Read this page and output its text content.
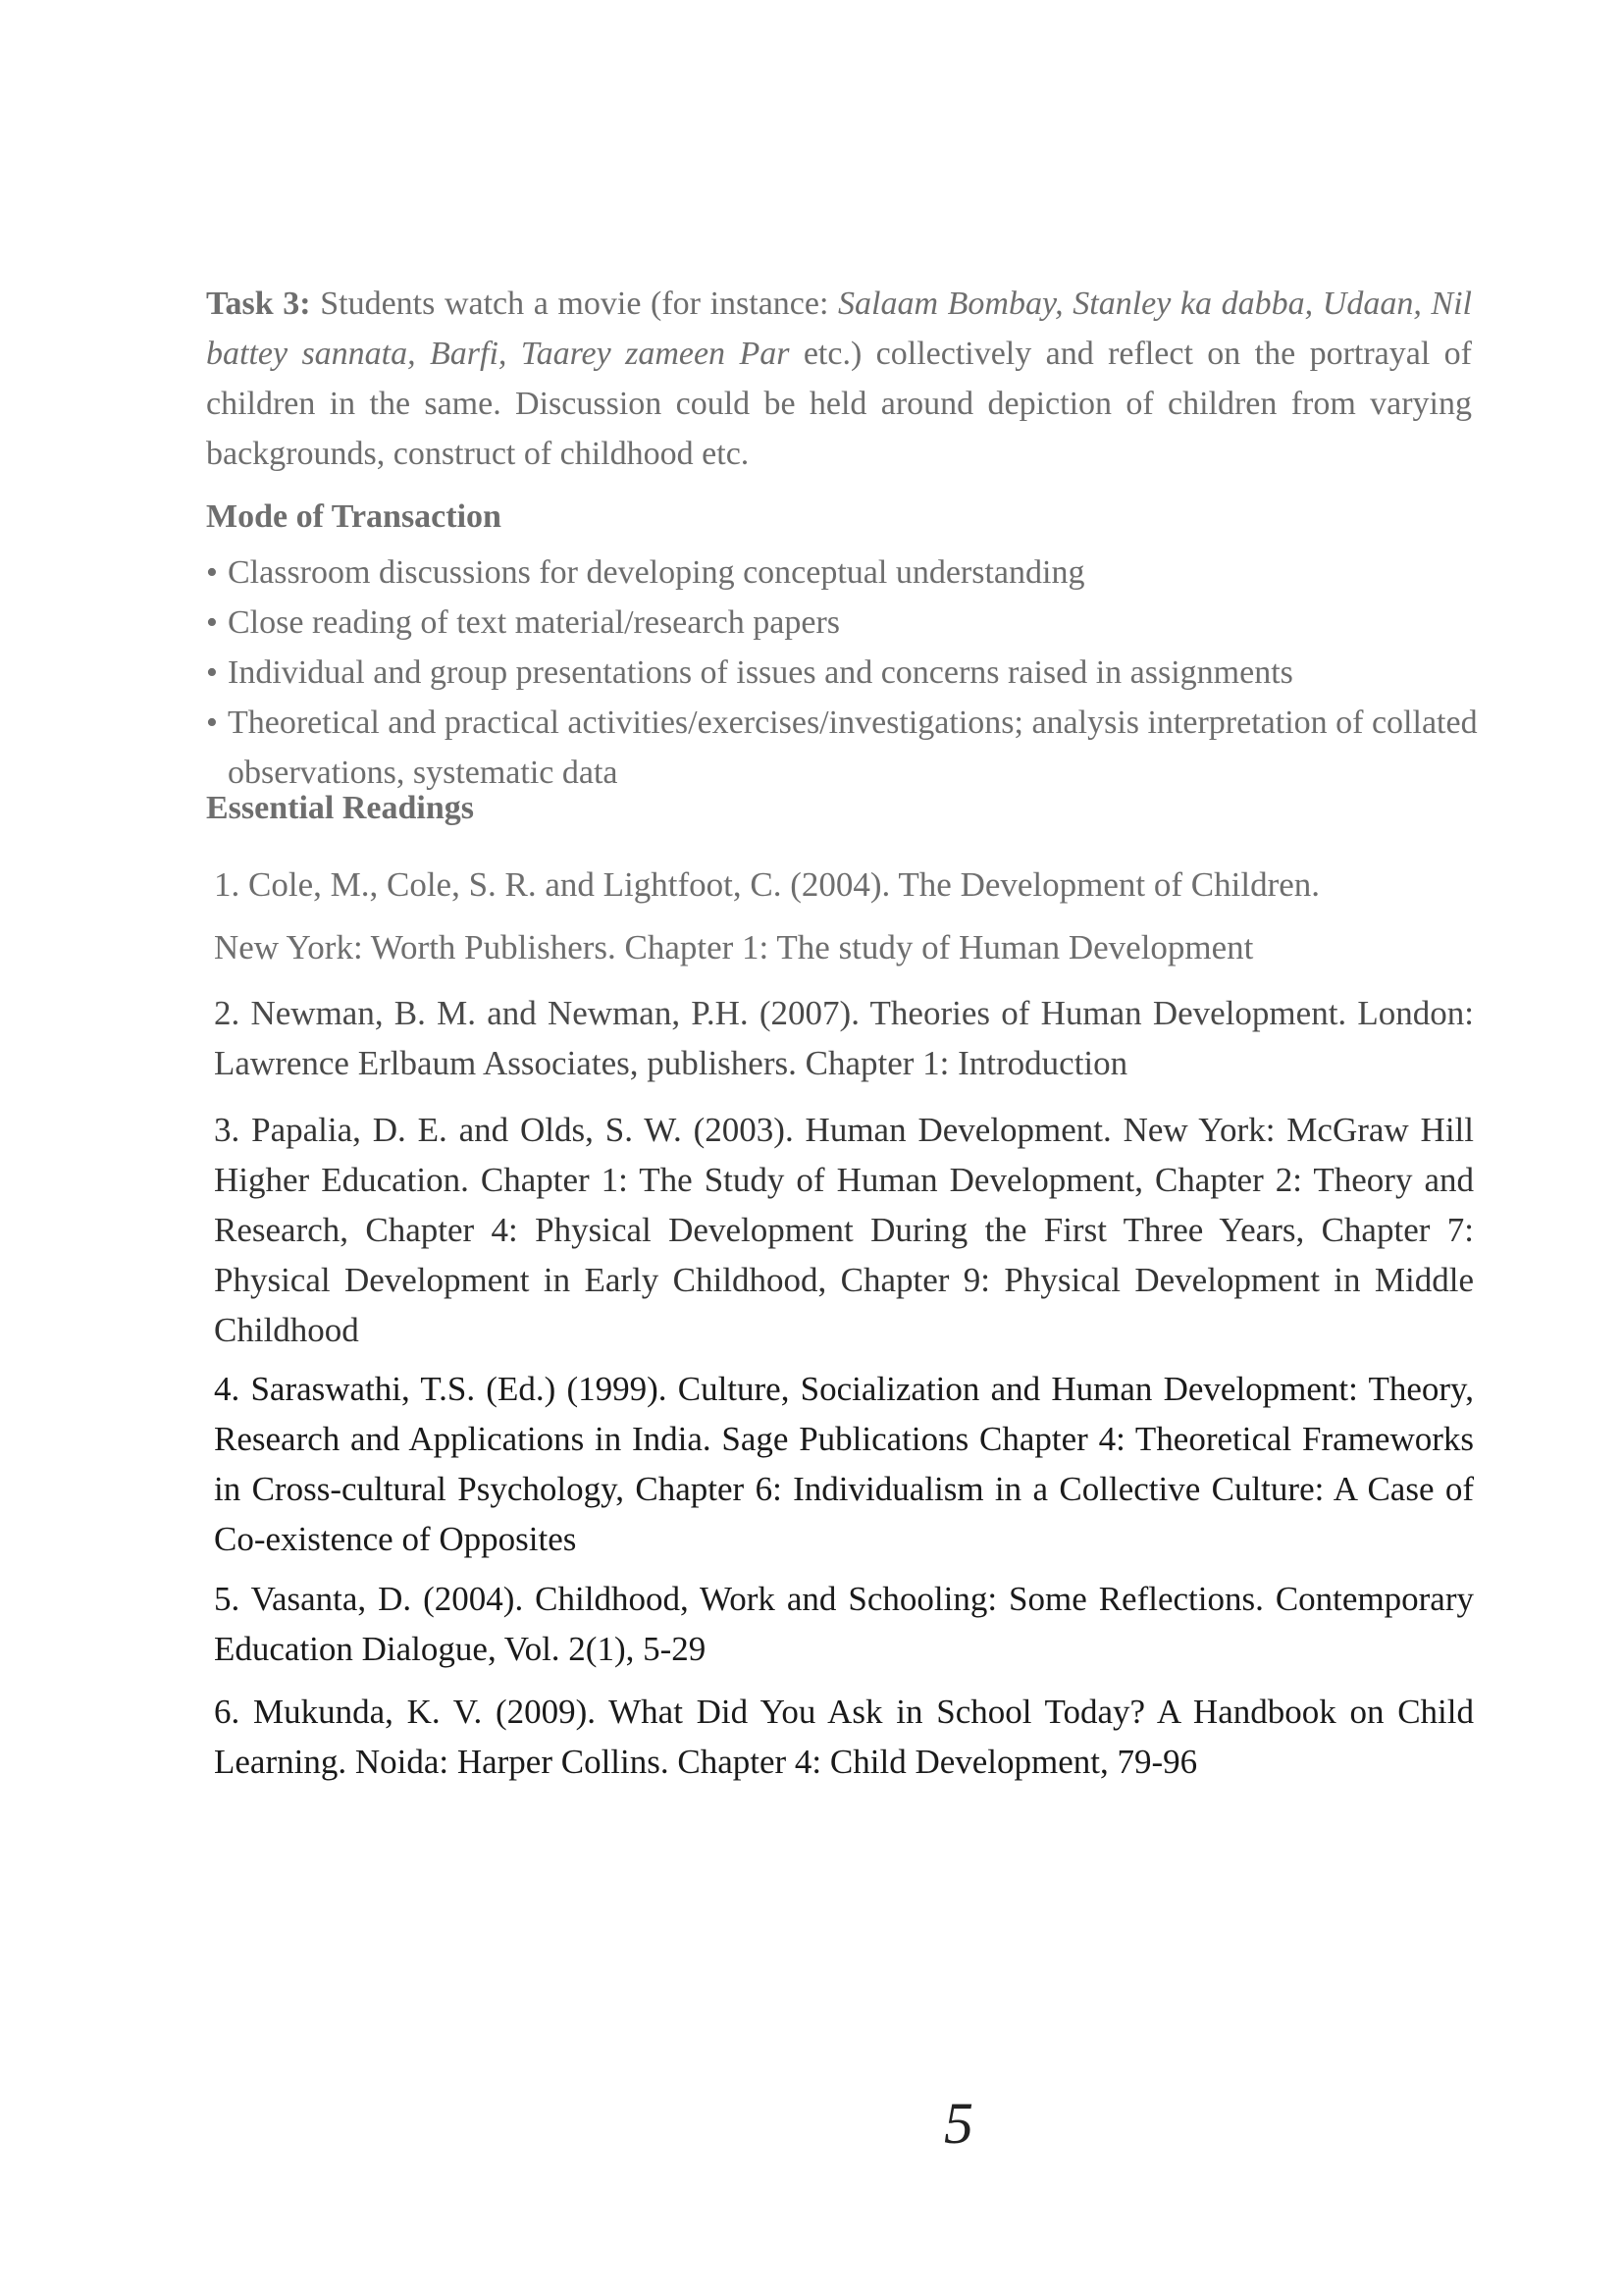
Task 3: Students watch a movie (for instance: Salaam Bombay, Stanley ka dabba, Udaan, Nil battey sannata, Barfi, Taarey zameen Par etc.) collectively and reflect on the portrayal of children in the same. Discussion could be held around depiction of children from varying backgrounds, construct of childhood etc.

Mode of Transaction
• Classroom discussions for developing conceptual understanding
• Close reading of text material/research papers
• Individual and group presentations of issues and concerns raised in assignments
• Theoretical and practical activities/exercises/investigations; analysis interpretation of collated observations, systematic data
Essential Readings

1. Cole, M., Cole, S. R. and Lightfoot, C. (2004). The Development of Children.

New York: Worth Publishers. Chapter 1: The study of Human Development

2. Newman, B. M. and Newman, P.H. (2007). Theories of Human Development. London: Lawrence Erlbaum Associates, publishers. Chapter 1: Introduction

3. Papalia, D. E. and Olds, S. W. (2003). Human Development. New York: McGraw Hill Higher Education. Chapter 1: The Study of Human Development, Chapter 2: Theory and Research, Chapter 4: Physical Development During the First Three Years, Chapter 7: Physical Development in Early Childhood, Chapter 9: Physical Development in Middle Childhood

4. Saraswathi, T.S. (Ed.) (1999). Culture, Socialization and Human Development: Theory, Research and Applications in India. Sage Publications Chapter 4: Theoretical Frameworks in Cross-cultural Psychology, Chapter 6: Individualism in a Collective Culture: A Case of Co-existence of Opposites

5. Vasanta, D. (2004). Childhood, Work and Schooling: Some Reflections. Contemporary Education Dialogue, Vol. 2(1), 5-29

6. Mukunda, K. V. (2009). What Did You Ask in School Today? A Handbook on Child Learning. Noida: Harper Collins. Chapter 4: Child Development, 79-96

5
